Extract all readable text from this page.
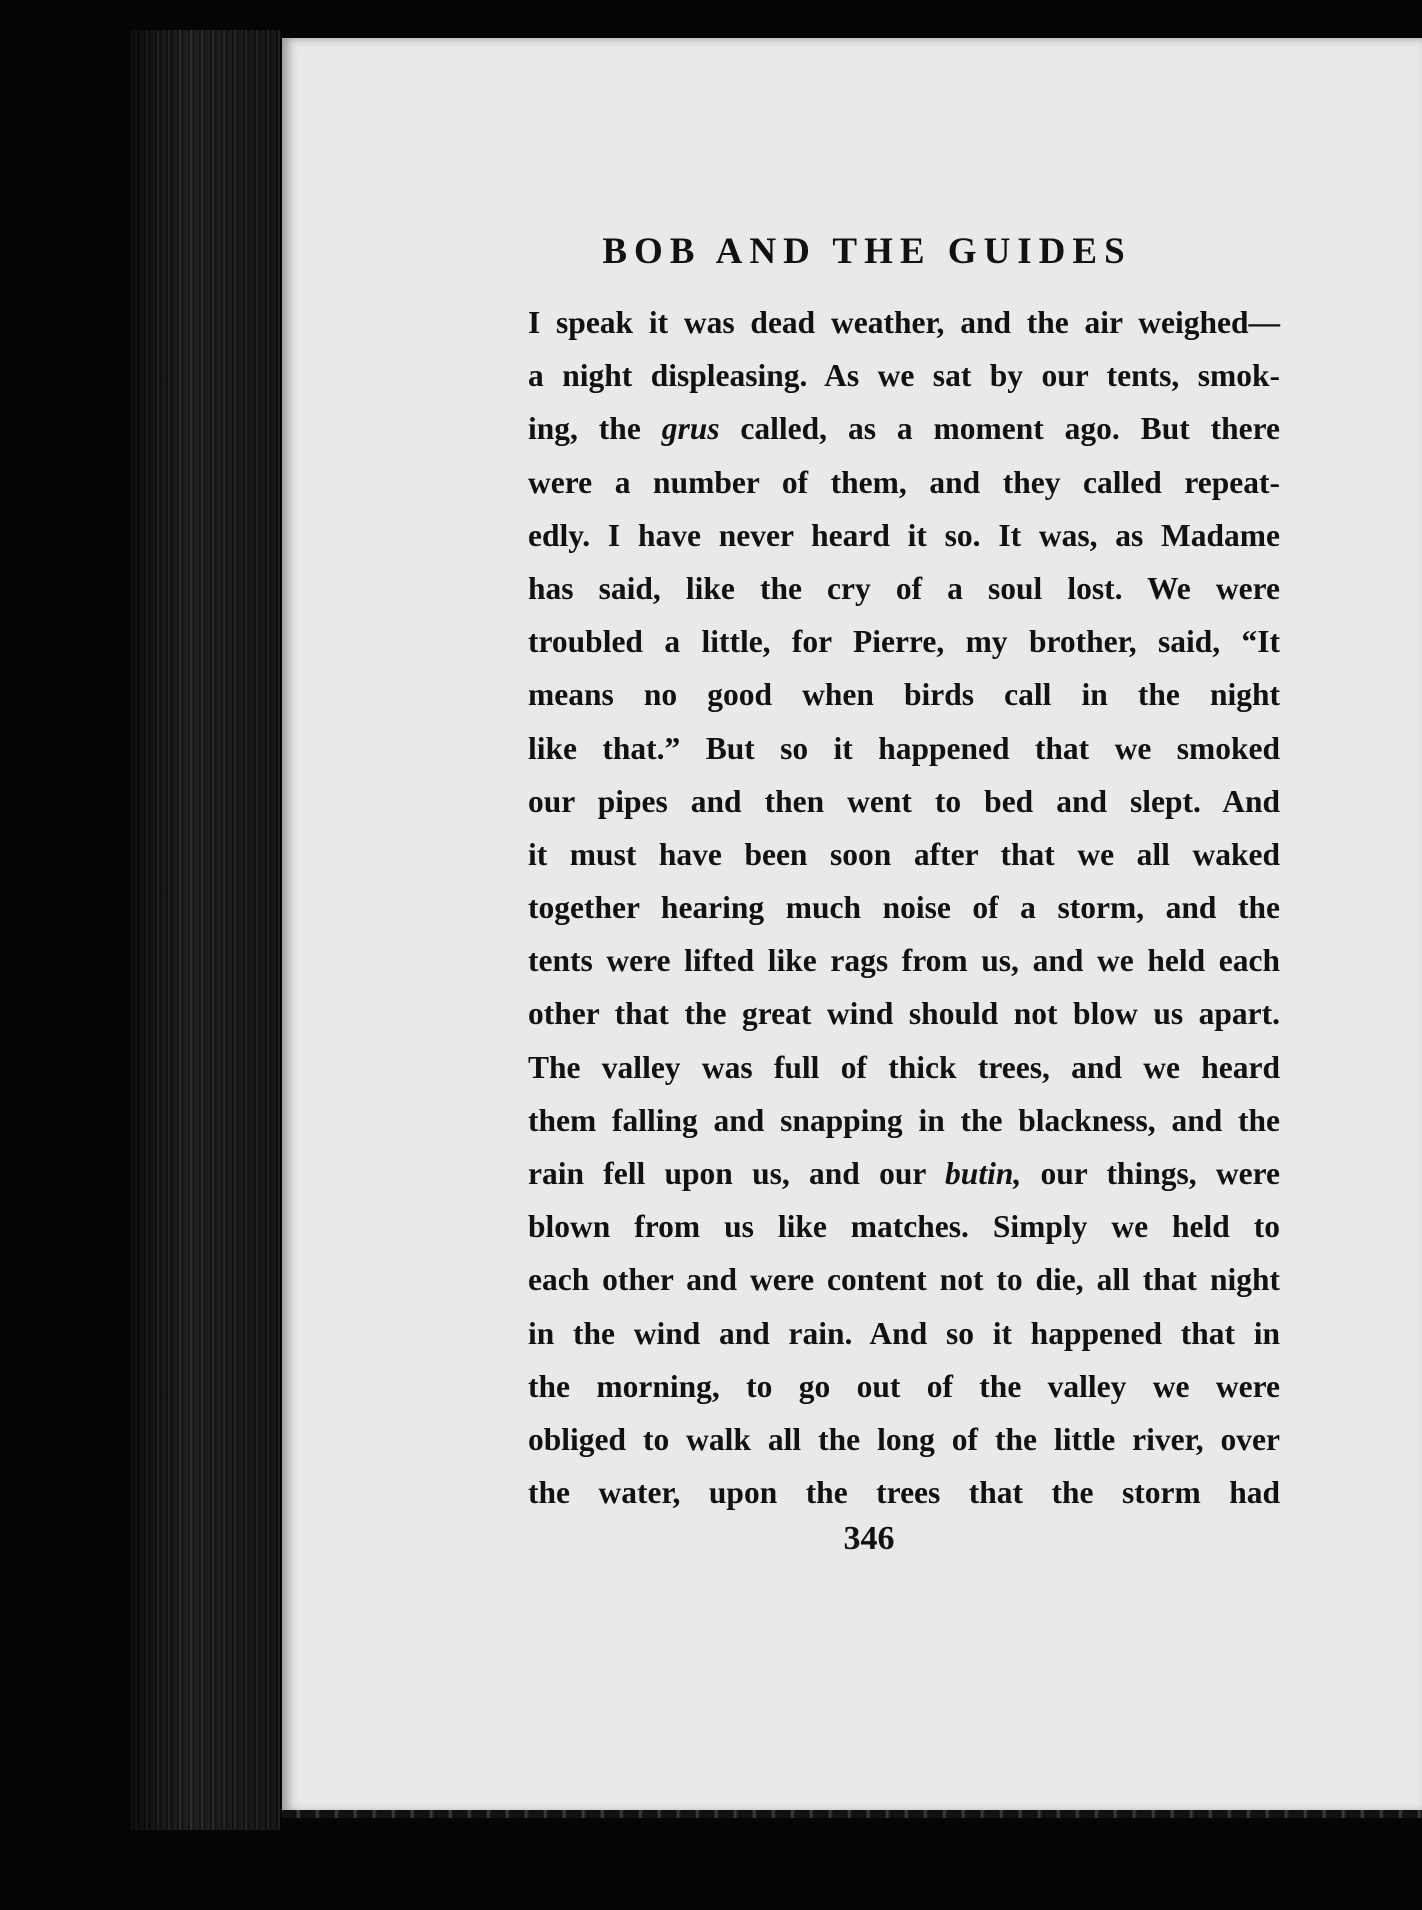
BOB AND THE GUIDES
I speak it was dead weather, and the air weighed—
a night displeasing. As we sat by our tents, smok-
ing, the grus called, as a moment ago. But there
were a number of them, and they called repeat-
edly. I have never heard it so. It was, as Madame
has said, like the cry of a soul lost. We were
troubled a little, for Pierre, my brother, said, “It
means no good when birds call in the night
like that.” But so it happened that we smoked
our pipes and then went to bed and slept. And
it must have been soon after that we all waked
together hearing much noise of a storm, and the
tents were lifted like rags from us, and we held each
other that the great wind should not blow us apart.
The valley was full of thick trees, and we heard
them falling and snapping in the blackness, and the
rain fell upon us, and our butin, our things, were
blown from us like matches. Simply we held to
each other and were content not to die, all that night
in the wind and rain. And so it happened that in
the morning, to go out of the valley we were
obliged to walk all the long of the little river, over
the water, upon the trees that the storm had
346
